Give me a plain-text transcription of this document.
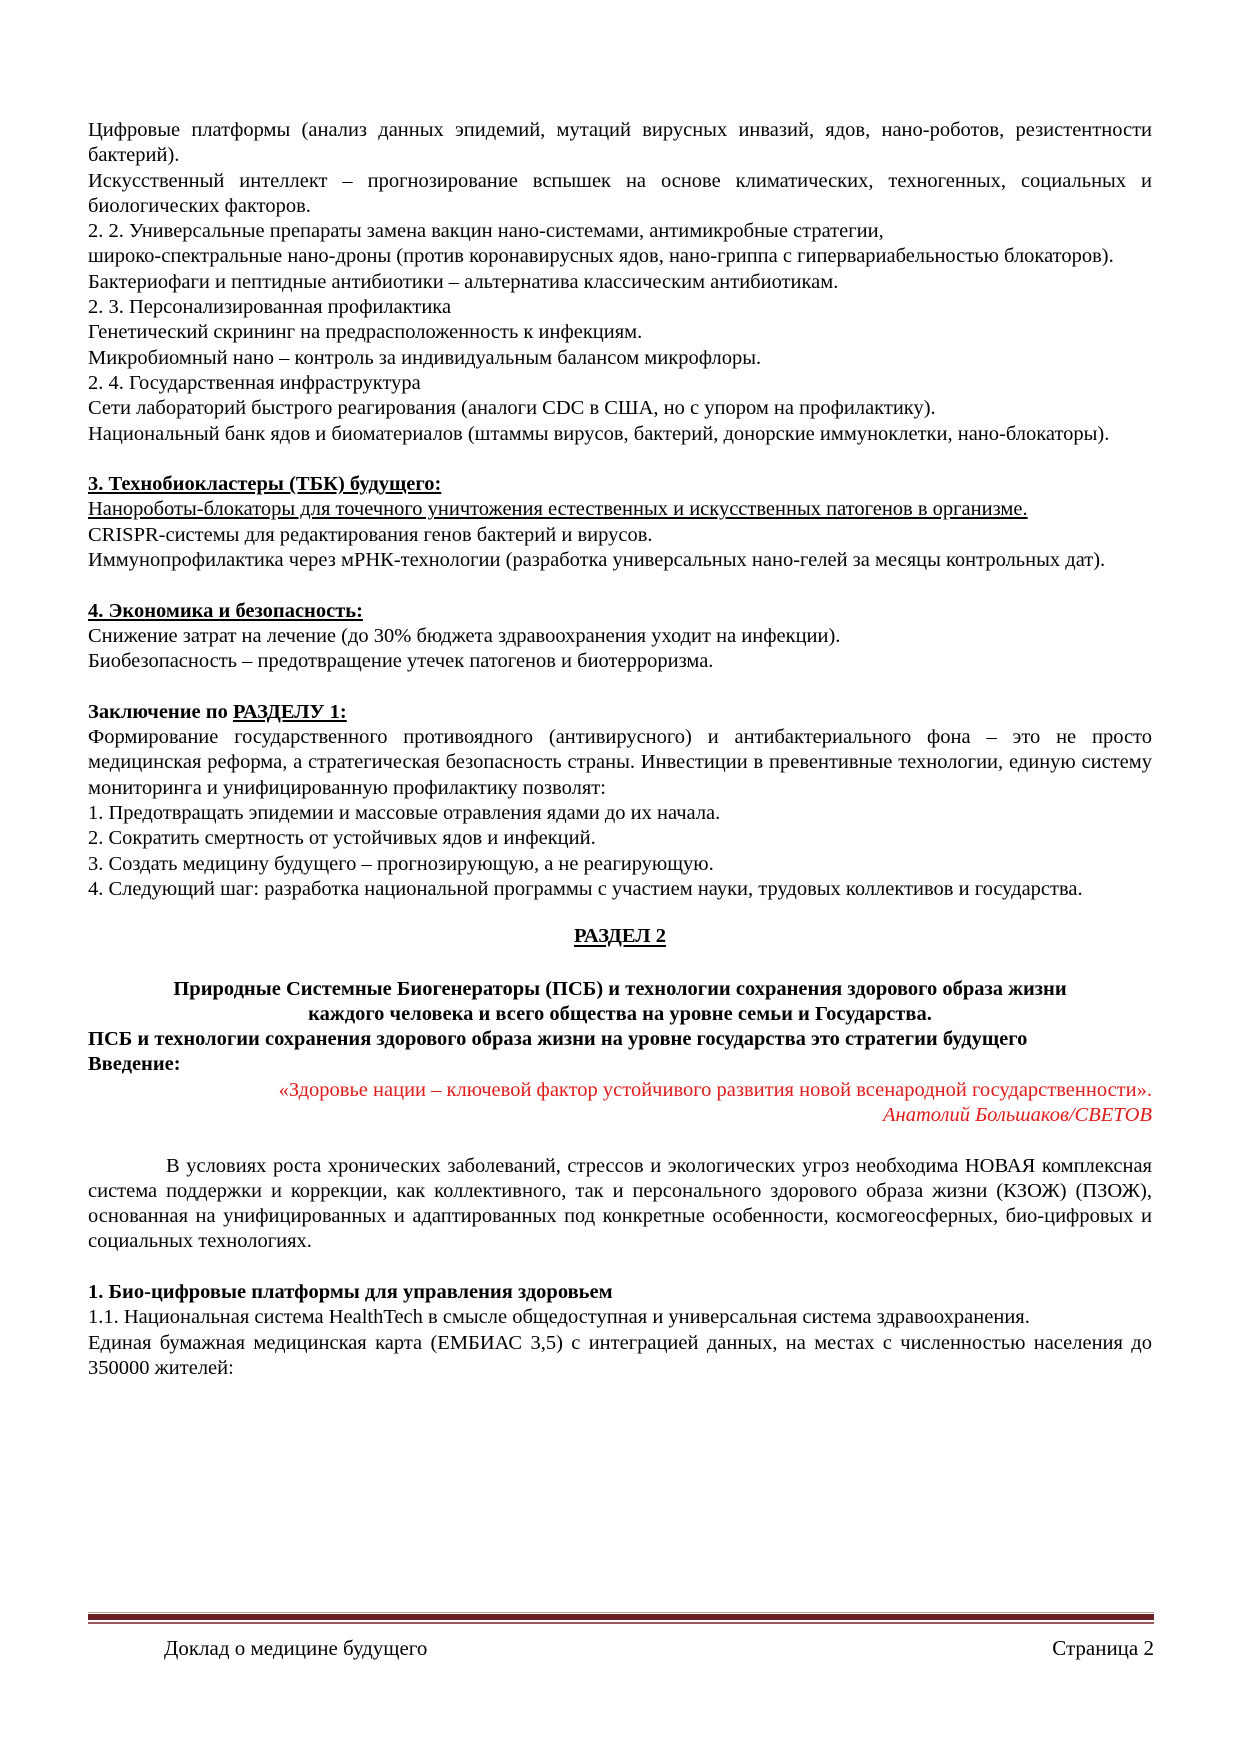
Цифровые платформы (анализ данных эпидемий, мутаций вирусных инвазий, ядов, нано-роботов, резистентности бактерий).

Искусственный интеллект – прогнозирование вспышек на основе климатических, техногенных, социальных и биологических факторов.

2. 2. Универсальные препараты замена вакцин нано-системами, антимикробные стратегии,

широко-спектральные нано-дроны (против коронавирусных ядов, нано-гриппа с гипервариабельностью блокаторов).

Бактериофаги и пептидные антибиотики – альтернатива классическим антибиотикам.

2. 3. Персонализированная профилактика

Генетический скрининг на предрасположенность к инфекциям.

Микробиомный нано – контроль за индивидуальным балансом микрофлоры.

2. 4. Государственная инфраструктура

Сети лабораторий быстрого реагирования (аналоги CDC в США, но с упором на профилактику).

Национальный банк ядов и биоматериалов (штаммы вирусов, бактерий, донорские иммуноклетки, нано-блокаторы).

3. Технобиокластеры (ТБК) будущего:

Нанороботы-блокаторы для точечного уничтожения естественных и искусственных патогенов в организме.

CRISPR-системы для редактирования генов бактерий и вирусов.

Иммунопрофилактика через мРНК-технологии (разработка универсальных нано-гелей за месяцы контрольных дат).

4. Экономика и безопасность:

Снижение затрат на лечение (до 30% бюджета здравоохранения уходит на инфекции).

Биобезопасность – предотвращение утечек патогенов и биотерроризма.

Заключение по РАЗДЕЛУ 1:

Формирование государственного противоядного (антивирусного) и антибактериального фона – это не просто медицинская реформа, а стратегическая безопасность страны. Инвестиции в превентивные технологии, единую систему мониторинга и унифицированную профилактику позволят:

1. Предотвращать эпидемии и массовые отравления ядами до их начала.

2. Сократить смертность от устойчивых ядов и инфекций.

3. Создать медицину будущего – прогнозирующую, а не реагирующую.

4. Следующий шаг: разработка национальной программы с участием науки, трудовых коллективов и государства.

РАЗДЕЛ 2

Природные Системные Биогенераторы (ПСБ) и технологии сохранения здорового образа жизни

каждого человека и всего общества на уровне семьи и Государства.

ПСБ и технологии сохранения здорового образа жизни на уровне государства это стратегии будущего

Введение:

«Здоровье нации – ключевой фактор устойчивого развития новой всенародной государственности».

Анатолий Большаков/СВЕТОВ

В условиях роста хронических заболеваний, стрессов и экологических угроз необходима НОВАЯ комплексная система поддержки и коррекции, как коллективного, так и персонального здорового образа жизни (КЗОЖ) (ПЗОЖ), основанная на унифицированных и адаптированных под конкретные особенности, космогеосферных, био-цифровых и социальных технологиях.

1. Био-цифровые платформы для управления здоровьем

1.1. Национальная система HealthTech в смысле общедоступная и универсальная система здравоохранения.

Единая бумажная медицинская карта (ЕМБИАС 3,5) с интеграцией данных, на местах с численностью населения до 350000 жителей:

Доклад о медицине будущего	Страница 2
